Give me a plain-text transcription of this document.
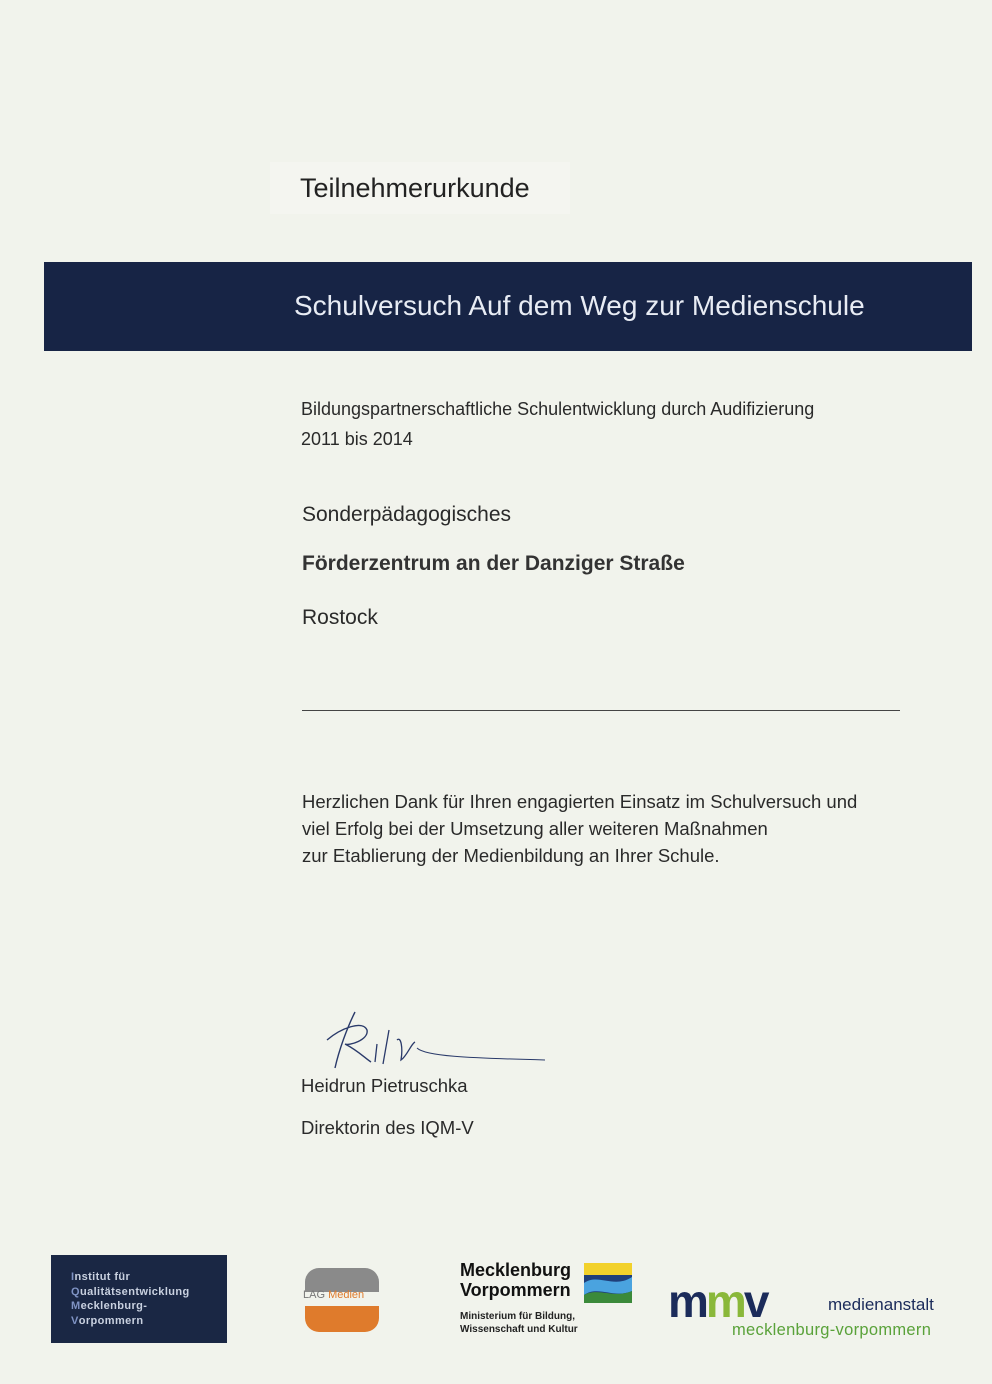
Teilnehmerurkunde
Schulversuch Auf dem Weg zur Medienschule
Bildungspartnerschaftliche Schulentwicklung durch Audifizierung
2011 bis 2014
Sonderpädagogisches
Förderzentrum an der Danziger Straße
Rostock
Herzlichen Dank für Ihren engagierten Einsatz im Schulversuch und
viel Erfolg bei der Umsetzung aller weiteren Maßnahmen
zur Etablierung der Medienbildung an Ihrer Schule.
Heidrun Pietruschka
Direktorin des IQM-V
Institut für
Qualitätsentwicklung
Mecklenburg-
Vorpommern
LAG Medien
Mecklenburg
Vorpommern
Ministerium für Bildung,
Wissenschaft und Kultur
mmv	medienanstalt
mecklenburg-vorpommern
